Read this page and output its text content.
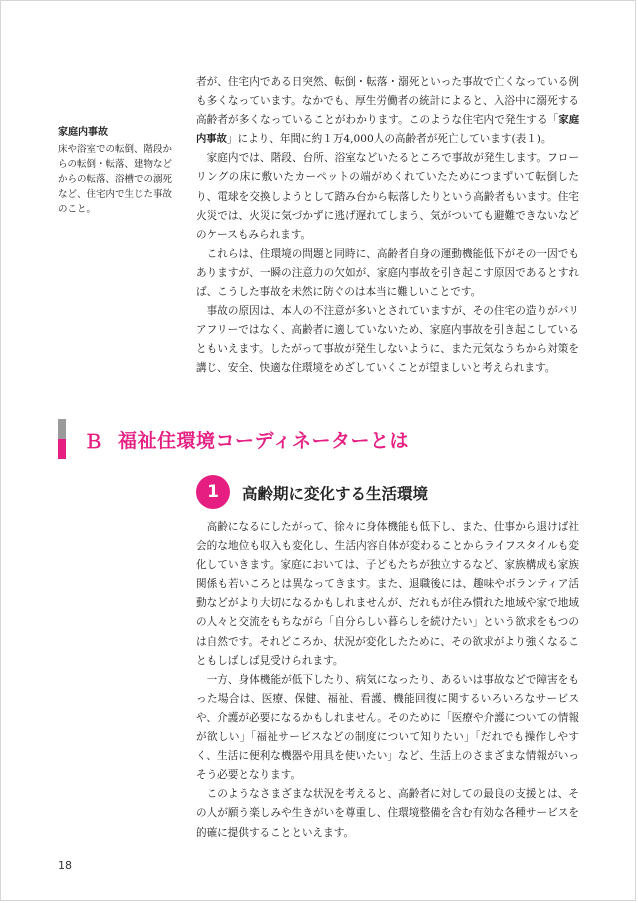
家庭内事故
床や浴室での転倒、階段からの転倒・転落、建物などからの転落、浴槽での溺死など、住宅内で生じた事故のこと。

者が、住宅内である日突然、転倒・転落・溺死といった事故で亡くなっている例も多くなっています。なかでも、厚生労働者の統計によると、入浴中に溺死する高齢者が多くなっていることがわかります。このような住宅内で発生する「家庭内事故」により、年間に約１万4,000人の高齢者が死亡しています(表１)。

家庭内では、階段、台所、浴室などいたるところで事故が発生します。フローリングの床に敷いたカーペットの端がめくれていたためにつまずいて転倒したり、電球を交換しようとして踏み台から転落したりという高齢者もいます。住宅火災では、火災に気づかずに逃げ遅れてしまう、気がついても避難できないなどのケースもみられます。

これらは、住環境の問題と同時に、高齢者自身の運動機能低下がその一因でもありますが、一瞬の注意力の欠如が、家庭内事故を引き起こす原因であるとすれば、こうした事故を未然に防ぐのは本当に難しいことです。

事故の原因は、本人の不注意が多いとされていますが、その住宅の造りがバリアフリーではなく、高齢者に適していないため、家庭内事故を引き起こしているともいえます。したがって事故が発生しないように、また元気なうちから対策を講じ、安全、快適な住環境をめざしていくことが望ましいと考えられます。

Ｂ 福祉住環境コーディネーターとは
1	高齢期に変化する生活環境

高齢になるにしたがって、徐々に身体機能も低下し、また、仕事から退けば社会的な地位も収入も変化し、生活内容自体が変わることからライフスタイルも変化していきます。家庭においては、子どもたちが独立するなど、家族構成も家族関係も若いころとは異なってきます。また、退職後には、趣味やボランティア活動などがより大切になるかもしれませんが、だれもが住み慣れた地域や家で地域の人々と交流をもちながら「自分らしい暮らしを続けたい」という欲求をもつのは自然です。それどころか、状況が変化したために、その欲求がより強くなることもしばしば見受けられます。

一方、身体機能が低下したり、病気になったり、あるいは事故などで障害をもった場合は、医療、保健、福祉、看護、機能回復に関するいろいろなサービスや、介護が必要になるかもしれません。そのために「医療や介護についての情報が欲しい」「福祉サービスなどの制度について知りたい」「だれでも操作しやすく、生活に便利な機器や用具を使いたい」など、生活上のさまざまな情報がいっそう必要となります。

このようなさまざまな状況を考えると、高齢者に対しての最良の支援とは、その人が願う楽しみや生きがいを尊重し、住環境整備を含む有効な各種サービスを的確に提供することといえます。

18
